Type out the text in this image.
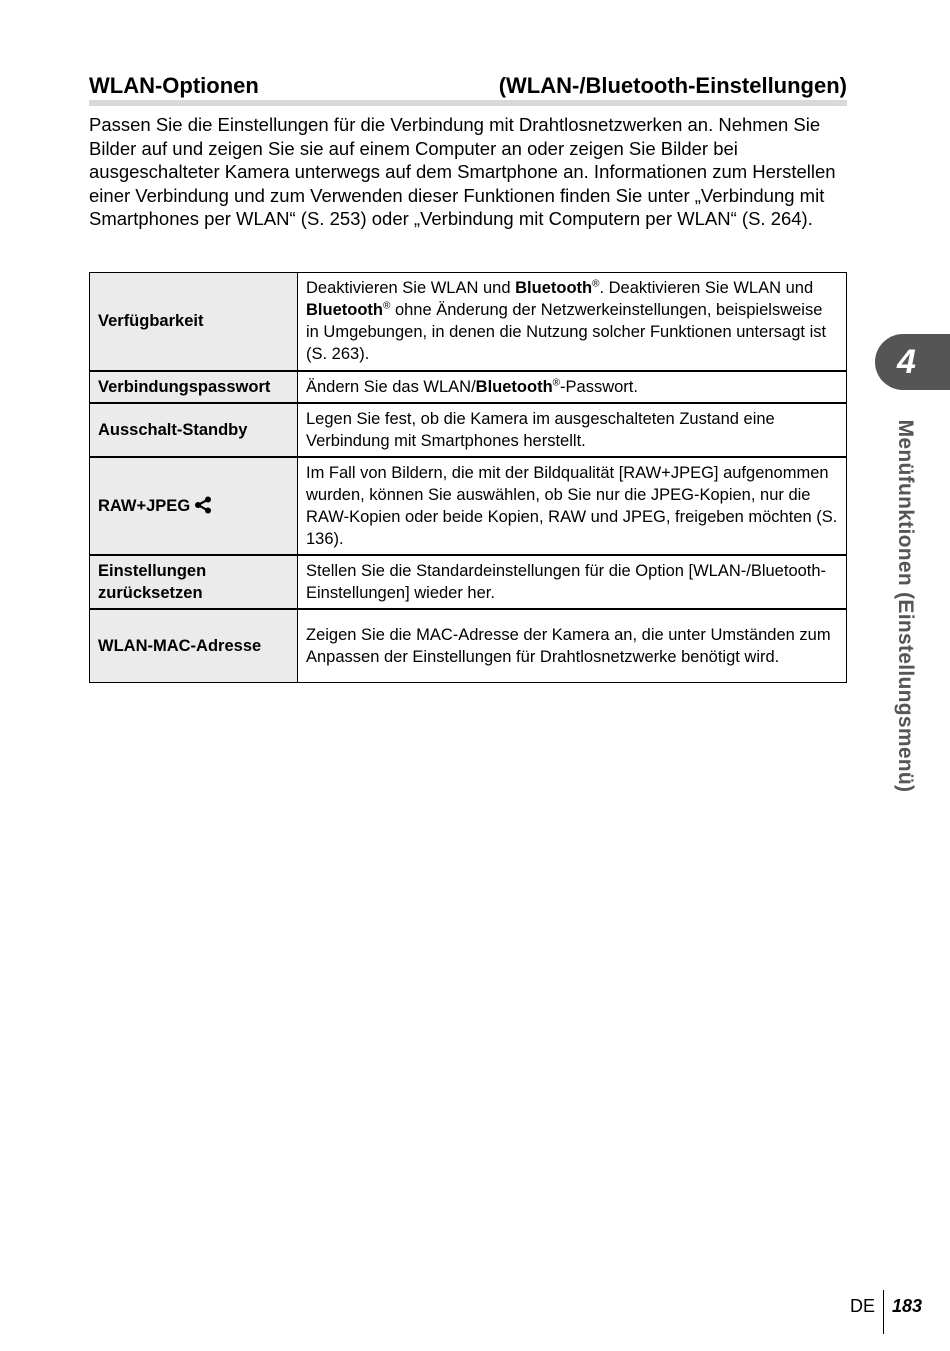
WLAN-Optionen	(WLAN-/Bluetooth-Einstellungen)

Passen Sie die Einstellungen für die Verbindung mit Drahtlosnetzwerken an. Nehmen Sie Bilder auf und zeigen Sie sie auf einem Computer an oder zeigen Sie Bilder bei ausgeschalteter Kamera unterwegs auf dem Smartphone an. Informationen zum Herstellen einer Verbindung und zum Verwenden dieser Funktionen finden Sie unter „Verbindung mit Smartphones per WLAN“ (S. 253) oder „Verbindung mit Computern per WLAN“ (S. 264).

Verfügbarkeit	Deaktivieren Sie WLAN und Bluetooth®. Deaktivieren Sie WLAN und Bluetooth® ohne Änderung der Netzwerkeinstellungen, beispielsweise in Umgebungen, in denen die Nutzung solcher Funktionen untersagt ist (S. 263).
Verbindungspasswort	Ändern Sie das WLAN/Bluetooth®-Passwort.
Ausschalt-Standby	Legen Sie fest, ob die Kamera im ausgeschalteten Zustand eine Verbindung mit Smartphones herstellt.
RAW+JPEG	Im Fall von Bildern, die mit der Bildqualität [RAW+JPEG] aufgenommen wurden, können Sie auswählen, ob Sie nur die JPEG-Kopien, nur die RAW-Kopien oder beide Kopien, RAW und JPEG, freigeben möchten (S. 136).

Einstellungen
zurücksetzen	Stellen Sie die Standardeinstellungen für die Option [WLAN-/Bluetooth-Einstellungen] wieder her.
WLAN-MAC-Adresse	Zeigen Sie die MAC-Adresse der Kamera an, die unter Umständen zum Anpassen der Einstellungen für Drahtlosnetzwerke benötigt wird.
4
Menüfunktionen (Einstellungsmenü)
DE 183
